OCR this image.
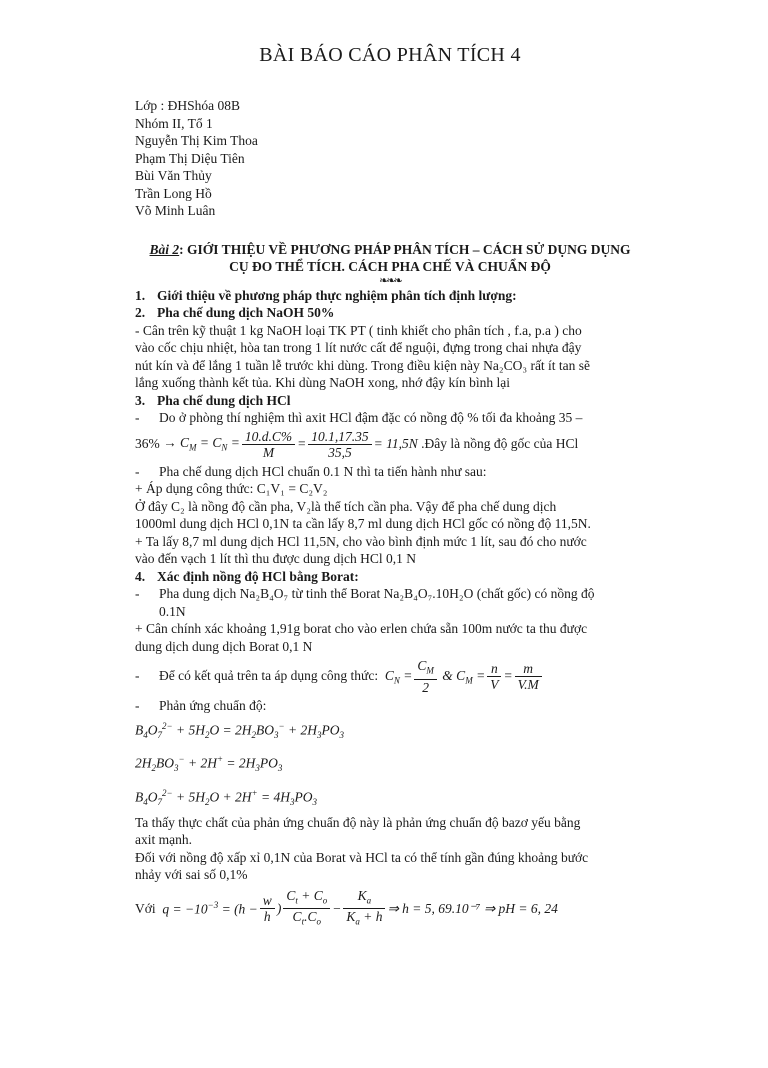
BÀI BÁO CÁO PHÂN TÍCH 4
Lớp : ĐHShóa 08B
Nhóm II, Tổ 1
Nguyễn Thị Kim Thoa
Phạm Thị Diệu Tiên
Bùi Văn Thủy
Trần Long Hồ
Võ Minh Luân
Bài 2: GIỚI THIỆU VỀ PHƯƠNG PHÁP PHÂN TÍCH – CÁCH SỬ DỤNG DỤNG
CỤ ĐO THỂ TÍCH. CÁCH PHA CHẾ VÀ CHUẨN ĐỘ
❧❧❧
1. Giới thiệu về phương pháp thực nghiệm phân tích định lượng:
2. Pha chế dung dịch NaOH 50%
- Cân trên kỹ thuật 1 kg NaOH loại TK PT ( tinh khiết cho phân tích , f.a, p.a ) cho
vào cốc chịu nhiệt, hòa tan trong 1 lít nước cất để nguội, đựng trong chai nhựa đậy
nút kín và để lắng 1 tuần lễ trước khi dùng. Trong điều kiện này Na₂CO₃ rất ít tan sẽ
lắng xuống thành kết tủa. Khi dùng NaOH xong, nhớ đậy kín bình lại
3. Pha chế dung dịch HCl
-	Do ở phòng thí nghiệm thì axit HCl đậm đặc có nồng độ % tối đa khoảng 35 –
$36\% \to C_M = C_N = \frac{10.d.C\%}{M} = \frac{10.1,17.35}{35,5} = 11,5N$
.Đây là nồng độ gốc của HCl
-	Pha chế dung dịch HCl chuẩn 0.1 N thì ta tiến hành như sau:
+ Áp dụng công thức: C₁V₁ = C₂V₂
Ở đây C₂ là nồng độ cần pha, V₂là thể tích cần pha. Vậy để pha chế dung dịch
1000ml dung dịch HCl 0,1N ta cần lấy 8,7 ml dung dịch HCl gốc có nồng độ 11,5N.
+ Ta lấy 8,7 ml dung dịch HCl 11,5N, cho vào bình định mức 1 lít, sau đó cho nước
vào đến vạch 1 lít thì thu được dung dịch HCl 0,1 N
4. Xác định nồng độ HCl bằng Borat:
-	Pha dung dịch Na₂B₄O₇ từ tinh thể Borat Na₂B₄O₇.10H₂O (chất gốc) có nồng độ
0.1N
+ Cân chính xác khoảng 1,91g borat cho vào erlen chứa sẵn 100m nước ta thu được
dung dịch dung dịch Borat 0,1 N
-	Để có kết quả trên ta áp dụng công thức: $C_N = \frac{C_M}{2}$ & $C_M = \frac{n}{V} = \frac{m}{V.M}$
-	Phản ứng chuẩn độ:
$B_4O_7^{2-} + 5H_2O = 2H_2BO_3^- + 2H_3PO_3$
$2H_2BO_3^- + 2H^+ = 2H_3PO_3$
$B_4O_7^{2-} + 5H_2O + 2H^+ = 4H_3PO_3$
Ta thấy thực chất của phản ứng chuẩn độ này là phản ứng chuẩn độ bazơ yếu bằng
axit mạnh.
Đối với nồng độ xấp xỉ 0,1N của Borat và HCl ta có thể tính gần đúng khoảng bước
nhảy với sai số 0,1%
Với $q = -10^{-3} = (h - \frac{w}{h}$ ) $\frac{C_t + C_o}{C_t.C_o} - \frac{K_a}{K_a + h}$ ⇒ h = 5, 69.10⁻⁷ ⇒ pH = 6, 24
